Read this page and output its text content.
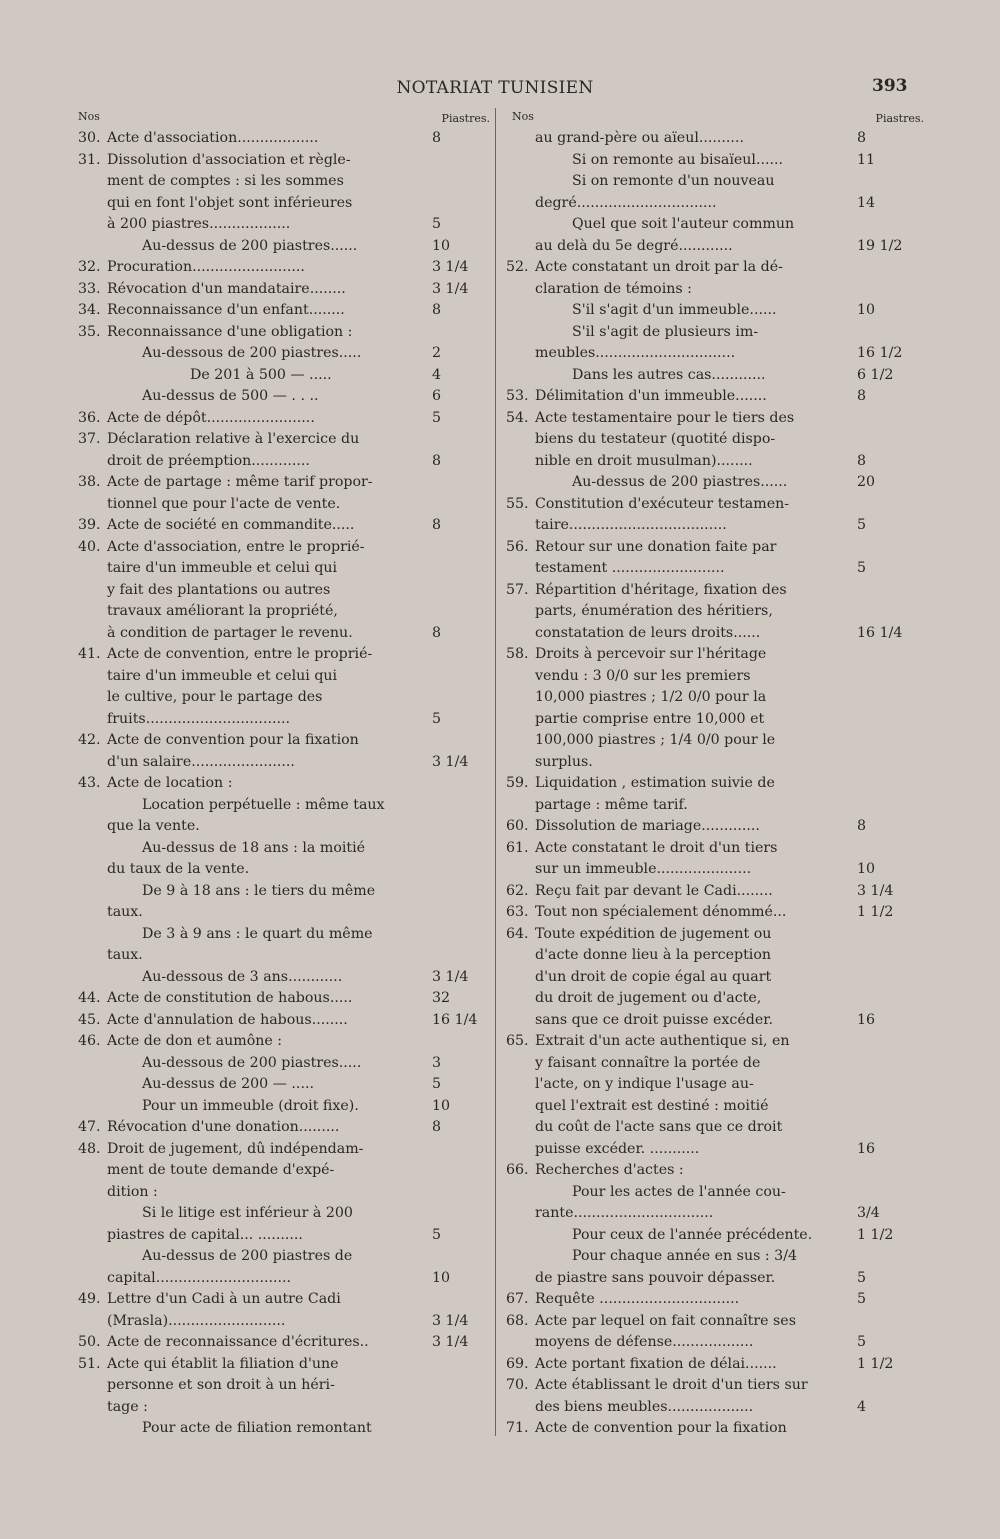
NOTARIAT TUNISIEN	393
Nos	Piastres.
30. Acte d'association..................	8
31. Dissolution d'association et règle-
ment de comptes : si les sommes
qui en font l'objet sont inférieures
à 200 piastres..................	5
Au-dessus de 200 piastres......	10
32. Procuration.........................	3 1/4
33. Révocation d'un mandataire........	3 1/4
34. Reconnaissance d'un enfant........	8
35. Reconnaissance d'une obligation :
Au-dessous de 200 piastres.....	2
De 201 à 500 — .....	4
Au-dessus de 500 — . . ..	6
36. Acte de dépôt........................	5
37. Déclaration relative à l'exercice du
droit de préemption.............	8
38. Acte de partage : même tarif propor-
tionnel que pour l'acte de vente.
39. Acte de société en commandite.....	8
40. Acte d'association, entre le proprié-
taire d'un immeuble et celui qui
y fait des plantations ou autres
travaux améliorant la propriété,
à condition de partager le revenu.	8
41. Acte de convention, entre le proprié-
taire d'un immeuble et celui qui
le cultive, pour le partage des
fruits................................	5
42. Acte de convention pour la fixation
d'un salaire.......................	3 1/4
43. Acte de location :
Location perpétuelle : même taux
que la vente.
Au-dessus de 18 ans : la moitié
du taux de la vente.
De 9 à 18 ans : le tiers du même
taux.
De 3 à 9 ans : le quart du même
taux.
Au-dessous de 3 ans............	3 1/4
44. Acte de constitution de habous.....	32
45. Acte d'annulation de habous........	16 1/4
46. Acte de don et aumône :
Au-dessous de 200 piastres.....	3
Au-dessus de 200 — .....	5
Pour un immeuble (droit fixe).	10
47. Révocation d'une donation.........	8
48. Droit de jugement, dû indépendam-
ment de toute demande d'expé-
dition :
Si le litige est inférieur à 200
piastres de capital... ..........	5
Au-dessus de 200 piastres de
capital..............................	10
49. Lettre d'un Cadi à un autre Cadi
(Mrasla)..........................	3 1/4
50. Acte de reconnaissance d'écritures..	3 1/4
51. Acte qui établit la filiation d'une
personne et son droit à un héri-
tage :
Pour acte de filiation remontant
Nos	Piastres.
au grand-père ou aïeul..........	8
Si on remonte au bisaïeul......	11
Si on remonte d'un nouveau
degré...............................	14
Quel que soit l'auteur commun
au delà du 5e degré............	19 1/2
52. Acte constatant un droit par la dé-
claration de témoins :
S'il s'agit d'un immeuble......	10
S'il s'agit de plusieurs im-
meubles...............................	16 1/2
Dans les autres cas............	6 1/2
53. Délimitation d'un immeuble.......	8
54. Acte testamentaire pour le tiers des
biens du testateur (quotité dispo-
nible en droit musulman)........	8
Au-dessus de 200 piastres......	20
55. Constitution d'exécuteur testamen-
taire...................................	5
56. Retour sur une donation faite par
testament .........................	5
57. Répartition d'héritage, fixation des
parts, énumération des héritiers,
constatation de leurs droits......	16 1/4
58. Droits à percevoir sur l'héritage
vendu : 3 0/0 sur les premiers
10,000 piastres ; 1/2 0/0 pour la
partie comprise entre 10,000 et
100,000 piastres ; 1/4 0/0 pour le
surplus.
59. Liquidation , estimation suivie de
partage : même tarif.
60. Dissolution de mariage.............	8
61. Acte constatant le droit d'un tiers
sur un immeuble.....................	10
62. Reçu fait par devant le Cadi........	3 1/4
63. Tout non spécialement dénommé...	1 1/2
64. Toute expédition de jugement ou
d'acte donne lieu à la perception
d'un droit de copie égal au quart
du droit de jugement ou d'acte,
sans que ce droit puisse excéder.	16
65. Extrait d'un acte authentique si, en
y faisant connaître la portée de
l'acte, on y indique l'usage au-
quel l'extrait est destiné : moitié
du coût de l'acte sans que ce droit
puisse excéder. ...........	16
66. Recherches d'actes :
Pour les actes de l'année cou-
rante...............................	3/4
Pour ceux de l'année précédente.	1 1/2
Pour chaque année en sus : 3/4
de piastre sans pouvoir dépasser.	5
67. Requête ...............................	5
68. Acte par lequel on fait connaître ses
moyens de défense..................	5
69. Acte portant fixation de délai.......	1 1/2
70. Acte établissant le droit d'un tiers sur
des biens meubles...................	4
71. Acte de convention pour la fixation
